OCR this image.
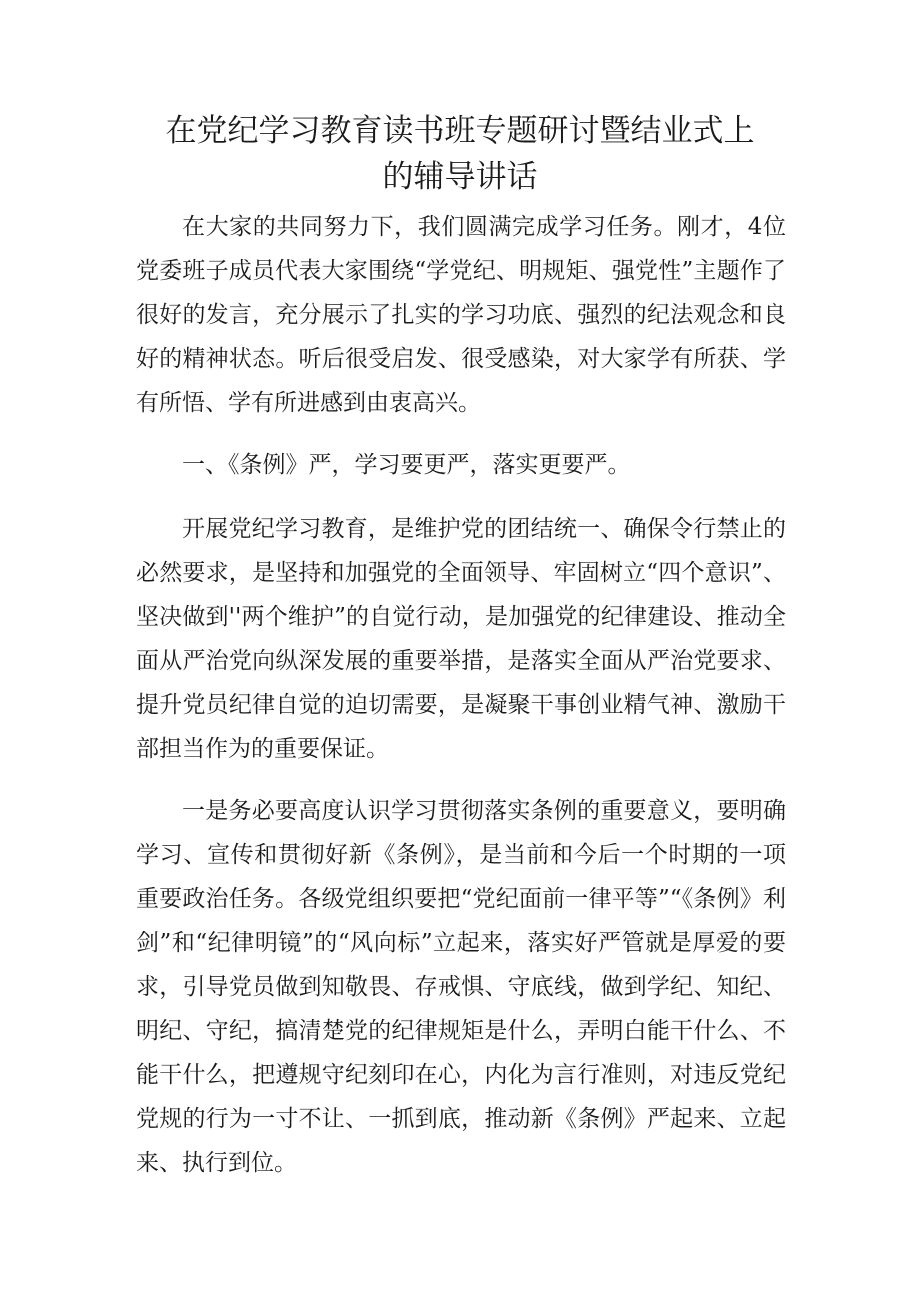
在党纪学习教育读书班专题研讨暨结业式上
的辅导讲话

在大家的共同努力下，我们圆满完成学习任务。刚才，4位党委班子成员代表大家围绕“学党纪、明规矩、强党性”主题作了很好的发言，充分展示了扎实的学习功底、强烈的纪法观念和良好的精神状态。听后很受启发、很受感染，对大家学有所获、学有所悟、学有所进感到由衷高兴。

一、《条例》严，学习要更严，落实更要严。

开展党纪学习教育，是维护党的团结统一、确保令行禁止的必然要求，是坚持和加强党的全面领导、牢固树立“四个意识”、坚决做到''两个维护”的自觉行动，是加强党的纪律建设、推动全面从严治党向纵深发展的重要举措，是落实全面从严治党要求、提升党员纪律自觉的迫切需要，是凝聚干事创业精气神、激励干部担当作为的重要保证。

一是务必要高度认识学习贯彻落实条例的重要意义，要明确学习、宣传和贯彻好新《条例》，是当前和今后一个时期的一项重要政治任务。各级党组织要把“党纪面前一律平等”“《条例》利剑”和“纪律明镜”的“风向标”立起来，落实好严管就是厚爱的要求，引导党员做到知敬畏、存戒惧、守底线，做到学纪、知纪、明纪、守纪，搞清楚党的纪律规矩是什么，弄明白能干什么、不能干什么，把遵规守纪刻印在心，内化为言行准则，对违反党纪党规的行为一寸不让、一抓到底，推动新《条例》严起来、立起来、执行到位。
